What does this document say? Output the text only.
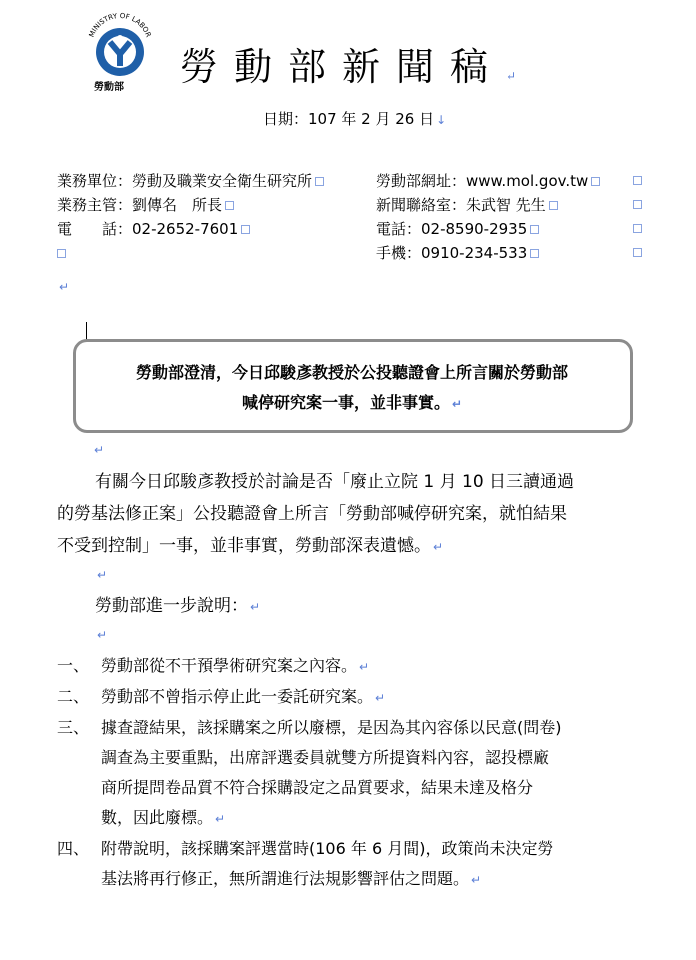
MINISTRY OF LABOR
勞動部 勞動部新聞稿 ↵
日期：107 年 2 月 26 日 ↓
業務單位：勞動及職業安全衛生研究所
業務主管：劉傳名　所長
電　　話：02-2652-7601
勞動部網址：www.mol.gov.tw
新聞聯絡室：朱武智 先生
電話：02-8590-2935
手機：0910-234-533
↵
勞動部澄清，今日邱駿彥教授於公投聽證會上所言關於勞動部
喊停研究案一事，並非事實。 ↵
↵
有關今日邱駿彥教授於討論是否「廢止立院 1 月 10 日三讀通過
的勞基法修正案」公投聽證會上所言「勞動部喊停研究案，就怕結果
不受到控制」一事，並非事實，勞動部深表遺憾。 ↵
↵
勞動部進一步說明： ↵
↵
一、 勞動部從不干預學術研究案之內容。 ↵
二、 勞動部不曾指示停止此一委託研究案。 ↵
三、 據查證結果，該採購案之所以廢標，是因為其內容係以民意(問卷)
調查為主要重點，出席評選委員就雙方所提資料內容，認投標廠
商所提問卷品質不符合採購設定之品質要求，結果未達及格分
數，因此廢標。 ↵
四、 附帶說明，該採購案評選當時(106 年 6 月間)，政策尚未決定勞
基法將再行修正，無所謂進行法規影響評估之問題。 ↵
